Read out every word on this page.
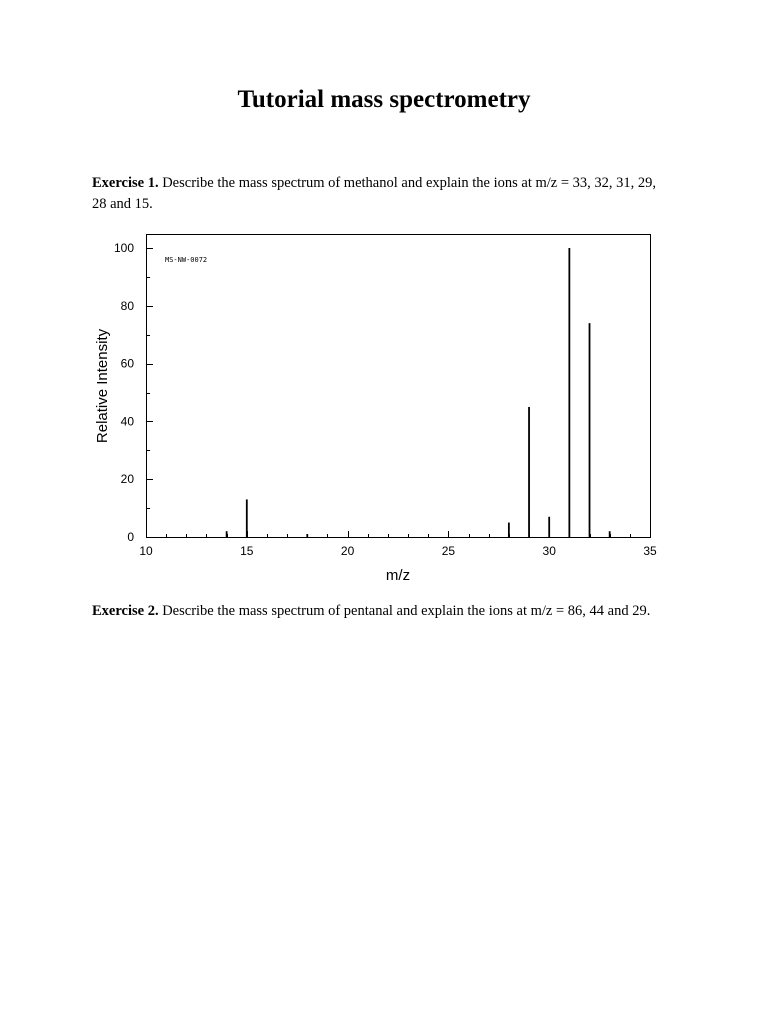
Tutorial mass spectrometry

Exercise 1. Describe the mass spectrum of methanol and explain the ions at m/z = 33, 32, 31, 29, 28 and 15.

MS-NW-0072
0
20
40
60
80
100
10	15	20	25	30	35
m/z
Relative Intensity

Exercise 2. Describe the mass spectrum of pentanal and explain the ions at m/z = 86, 44 and 29.
